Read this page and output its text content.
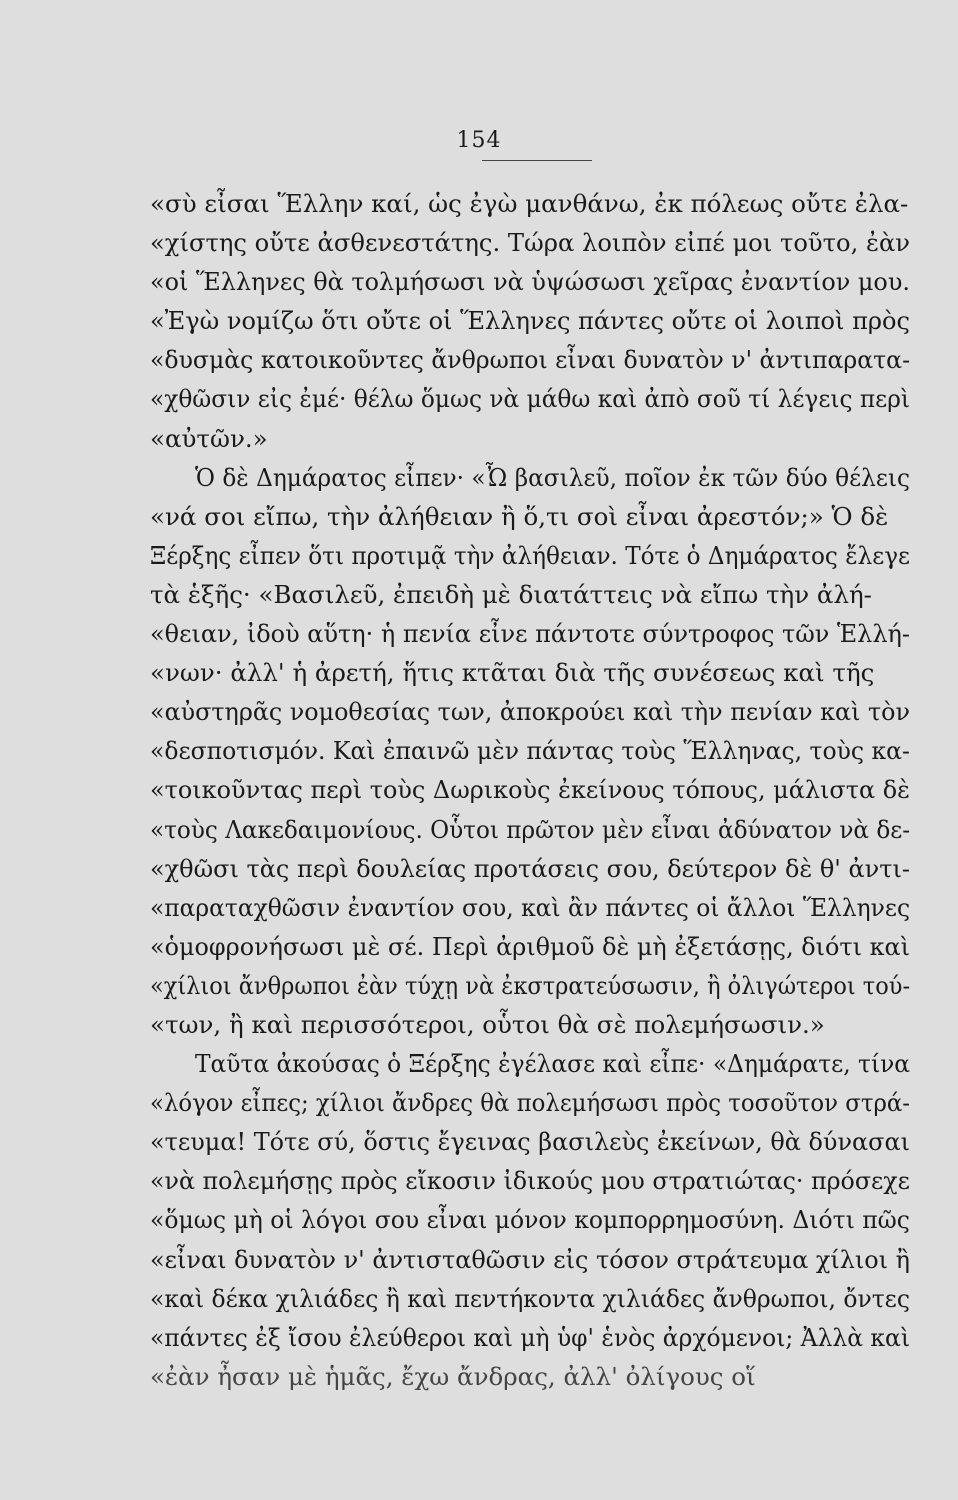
154
«σὺ εἶσαι Ἕλλην καί, ὡς ἐγὼ μανθάνω, ἐκ πόλεως οὔτε ἐλα-
«χίστης οὔτε ἀσθενεστάτης. Τώρα λοιπὸν εἰπέ μοι τοῦτο, ἐὰν
«οἱ Ἕλληνες θὰ τολμήσωσι νὰ ὑψώσωσι χεῖρας ἐναντίον μου.
«Ἐγὼ νομίζω ὅτι οὔτε οἱ Ἕλληνες πάντες οὔτε οἱ λοιποὶ πρὸς
«δυσμὰς κατοικοῦντες ἄνθρωποι εἶναι δυνατὸν ν' ἀντιπαρατα-
«χθῶσιν εἰς ἐμέ· θέλω ὅμως νὰ μάθω καὶ ἀπὸ σοῦ τί λέγεις περὶ
«αὐτῶν.»
Ὁ δὲ Δημάρατος εἶπεν· «Ὦ βασιλεῦ, ποῖον ἐκ τῶν δύο θέλεις
«νά σοι εἴπω, τὴν ἀλήθειαν ἢ ὅ,τι σοὶ εἶναι ἀρεστόν;» Ὁ δὲ
Ξέρξης εἶπεν ὅτι προτιμᾷ τὴν ἀλήθειαν. Τότε ὁ Δημάρατος ἔλεγε
τὰ ἑξῆς· «Βασιλεῦ, ἐπειδὴ μὲ διατάττεις νὰ εἴπω τὴν ἀλή-
«θειαν, ἰδοὺ αὕτη· ἡ πενία εἶνε πάντοτε σύντροφος τῶν Ἑλλή-
«νων· ἀλλ' ἡ ἀρετή, ἥτις κτᾶται διὰ τῆς συνέσεως καὶ τῆς
«αὐστηρᾶς νομοθεσίας των, ἀποκρούει καὶ τὴν πενίαν καὶ τὸν
«δεσποτισμόν. Καὶ ἐπαινῶ μὲν πάντας τοὺς Ἕλληνας, τοὺς κα-
«τοικοῦντας περὶ τοὺς Δωρικοὺς ἐκείνους τόπους, μάλιστα δὲ
«τοὺς Λακεδαιμονίους. Οὗτοι πρῶτον μὲν εἶναι ἀδύνατον νὰ δε-
«χθῶσι τὰς περὶ δουλείας προτάσεις σου, δεύτερον δὲ θ' ἀντι-
«παραταχθῶσιν ἐναντίον σου, καὶ ἂν πάντες οἱ ἄλλοι Ἕλληνες
«ὁμοφρονήσωσι μὲ σέ. Περὶ ἀριθμοῦ δὲ μὴ ἐξετάσῃς, διότι καὶ
«χίλιοι ἄνθρωποι ἐὰν τύχῃ νὰ ἐκστρατεύσωσιν, ἢ ὀλιγώτεροι τού-
«των, ἢ καὶ περισσότεροι, οὗτοι θὰ σὲ πολεμήσωσιν.»
Ταῦτα ἀκούσας ὁ Ξέρξης ἐγέλασε καὶ εἶπε· «Δημάρατε, τίνα
«λόγον εἶπες; χίλιοι ἄνδρες θὰ πολεμήσωσι πρὸς τοσοῦτον στρά-
«τευμα! Τότε σύ, ὅστις ἔγεινας βασιλεὺς ἐκείνων, θὰ δύνασαι
«νὰ πολεμήσῃς πρὸς εἴκοσιν ἰδικούς μου στρατιώτας· πρόσεχε
«ὅμως μὴ οἱ λόγοι σου εἶναι μόνον κομπορρημοσύνη. Διότι πῶς
«εἶναι δυνατὸν ν' ἀντισταθῶσιν εἰς τόσον στράτευμα χίλιοι ἢ
«καὶ δέκα χιλιάδες ἢ καὶ πεντήκοντα χιλιάδες ἄνθρωποι, ὄντες
«πάντες ἐξ ἴσου ἐλεύθεροι καὶ μὴ ὑφ' ἑνὸς ἀρχόμενοι; Ἀλλὰ καὶ
«ἐὰν ἦσαν μὲ ἡμᾶς, ἔχω ἄνδρας, ἀλλ' ὀλίγους οἵ
